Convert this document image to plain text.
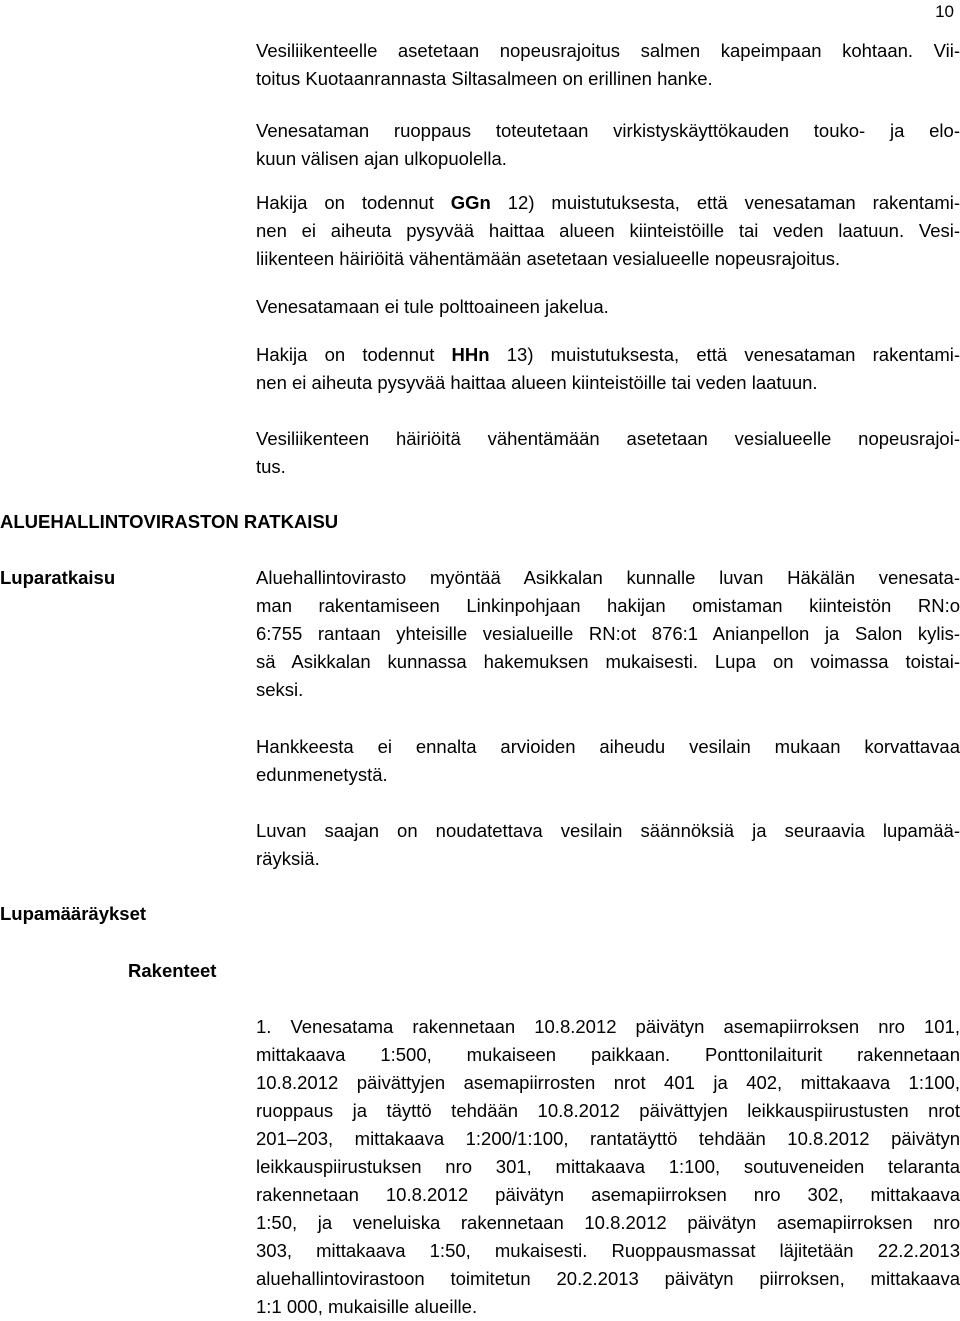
10
Vesiliikenteelle asetetaan nopeusrajoitus salmen kapeimpaan kohtaan. Vii-
toitus Kuotaanrannasta Siltasalmeen on erillinen hanke.
Venesataman ruoppaus toteutetaan virkistyskäyttökauden touko- ja elo-
kuun välisen ajan ulkopuolella.
Hakija on todennut GGn 12) muistutuksesta, että venesataman rakentami-
nen ei aiheuta pysyvää haittaa alueen kiinteistöille tai veden laatuun. Vesi-
liikenteen häiriöitä vähentämään asetetaan vesialueelle nopeusrajoitus.
Venesatamaan ei tule polttoaineen jakelua.
Hakija on todennut HHn 13) muistutuksesta, että venesataman rakentami-
nen ei aiheuta pysyvää haittaa alueen kiinteistöille tai veden laatuun.
Vesiliikenteen häiriöitä vähentämään asetetaan vesialueelle nopeusrajoi-
tus.
ALUEHALLINTOVIRASTON RATKAISU
Luparatkaisu	Aluehallintovirasto myöntää Asikkalan kunnalle luvan Häkälän venesata-
man rakentamiseen Linkinpohjaan hakijan omistaman kiinteistön RN:o
6:755 rantaan yhteisille vesialueille RN:ot 876:1 Anianpellon ja Salon kylis-
sä Asikkalan kunnassa hakemuksen mukaisesti. Lupa on voimassa toistai-
seksi.
Hankkeesta ei ennalta arvioiden aiheudu vesilain mukaan korvattavaa
edunmenetystä.
Luvan saajan on noudatettava vesilain säännöksiä ja seuraavia lupamää-
räyksiä.
Lupamääräykset
Rakenteet
1. Venesatama rakennetaan 10.8.2012 päivätyn asemapiirroksen nro 101,
mittakaava 1:500, mukaiseen paikkaan. Ponttonilaiturit rakennetaan
10.8.2012 päivättyjen asemapiirrosten nrot 401 ja 402, mittakaava 1:100,
ruoppaus ja täyttö tehdään 10.8.2012 päivättyjen leikkauspiirustusten nrot
201–203, mittakaava 1:200/1:100, rantatäyttö tehdään 10.8.2012 päivätyn
leikkauspiirustuksen nro 301, mittakaava 1:100, soutuveneiden telaranta
rakennetaan 10.8.2012 päivätyn asemapiirroksen nro 302, mittakaava
1:50, ja veneluiska rakennetaan 10.8.2012 päivätyn asemapiirroksen nro
303, mittakaava 1:50, mukaisesti. Ruoppausmassat läjitetään 22.2.2013
aluehallintovirastoon toimitetun 20.2.2013 päivätyn piirroksen, mittakaava
1:1 000, mukaisille alueille.
